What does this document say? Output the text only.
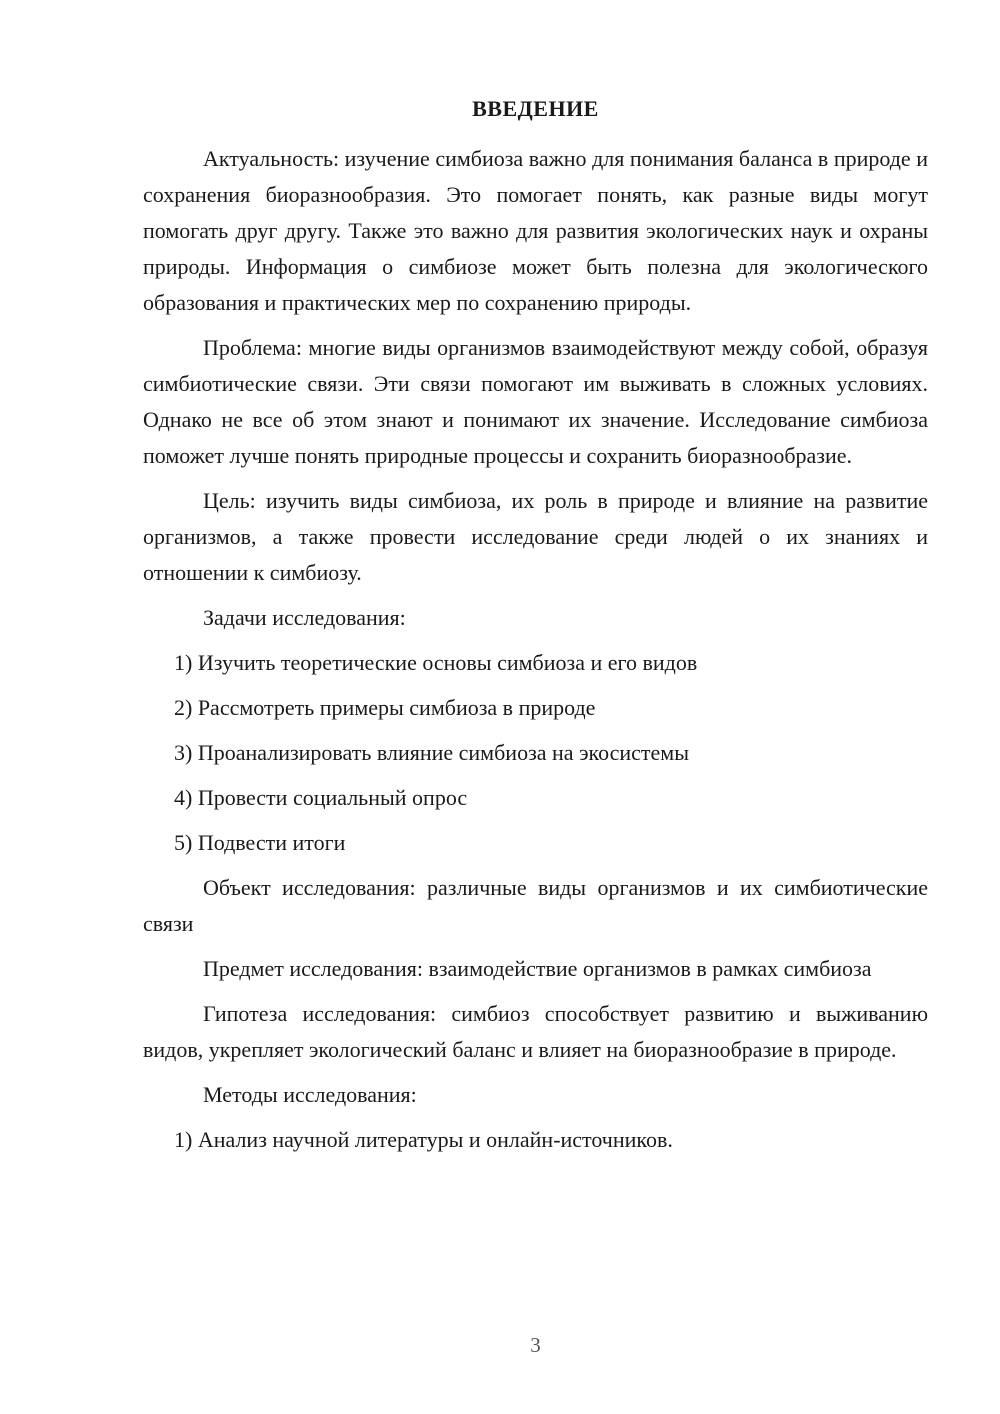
ВВЕДЕНИЕ

Актуальность: изучение симбиоза важно для понимания баланса в природе и сохранения биоразнообразия. Это помогает понять, как разные виды могут помогать друг другу. Также это важно для развития экологических наук и охраны природы. Информация о симбиозе может быть полезна для экологического образования и практических мер по сохранению природы.

Проблема: многие виды организмов взаимодействуют между собой, образуя симбиотические связи. Эти связи помогают им выживать в сложных условиях. Однако не все об этом знают и понимают их значение. Исследование симбиоза поможет лучше понять природные процессы и сохранить биоразнообразие.

Цель: изучить виды симбиоза, их роль в природе и влияние на развитие организмов, а также провести исследование среди людей о их знаниях и отношении к симбиозу.

Задачи исследования:

1) Изучить теоретические основы симбиоза и его видов

2) Рассмотреть примеры симбиоза в природе

3) Проанализировать влияние симбиоза на экосистемы

4) Провести социальный опрос

5) Подвести итоги

Объект исследования: различные виды организмов и их симбиотические связи

Предмет исследования: взаимодействие организмов в рамках симбиоза

Гипотеза исследования: симбиоз способствует развитию и выживанию видов, укрепляет экологический баланс и влияет на биоразнообразие в природе.

Методы исследования:

1) Анализ научной литературы и онлайн-источников.

3
